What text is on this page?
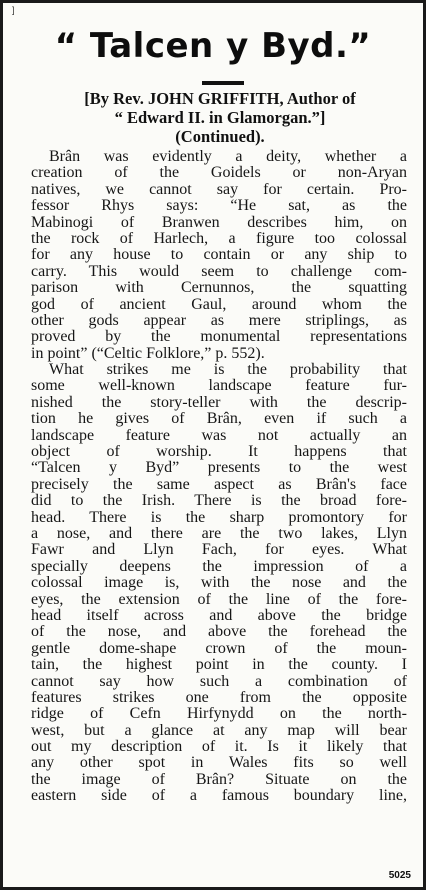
]
“ Talcen y Byd.”
[By Rev. JOHN GRIFFITH, Author of
“ Edward II. in Glamorgan.”]
(Continued).
Brân was evidently a deity, whether a
creation of the Goidels or non-Aryan
natives, we cannot say for certain. Pro-
fessor Rhys says: “He sat, as the
Mabinogi of Branwen describes him, on
the rock of Harlech, a figure too colossal
for any house to contain or any ship to
carry. This would seem to challenge com-
parison with Cernunnos, the squatting
god of ancient Gaul, around whom the
other gods appear as mere striplings, as
proved by the monumental representations
in point” (“Celtic Folklore,” p. 552).
What strikes me is the probability that
some well-known landscape feature fur-
nished the story-teller with the descrip-
tion he gives of Brân, even if such a
landscape feature was not actually an
object of worship. It happens that
“Talcen y Byd” presents to the west
precisely the same aspect as Brân's face
did to the Irish. There is the broad fore-
head. There is the sharp promontory for
a nose, and there are the two lakes, Llyn
Fawr and Llyn Fach, for eyes. What
specially deepens the impression of a
colossal image is, with the nose and the
eyes, the extension of the line of the fore-
head itself across and above the bridge
of the nose, and above the forehead the
gentle dome-shape crown of the moun-
tain, the highest point in the county. I
cannot say how such a combination of
features strikes one from the opposite
ridge of Cefn Hirfynydd on the north-
west, but a glance at any map will bear
out my description of it. Is it likely that
any other spot in Wales fits so well
the image of Brân? Situate on the
eastern side of a famous boundary line,
5025
